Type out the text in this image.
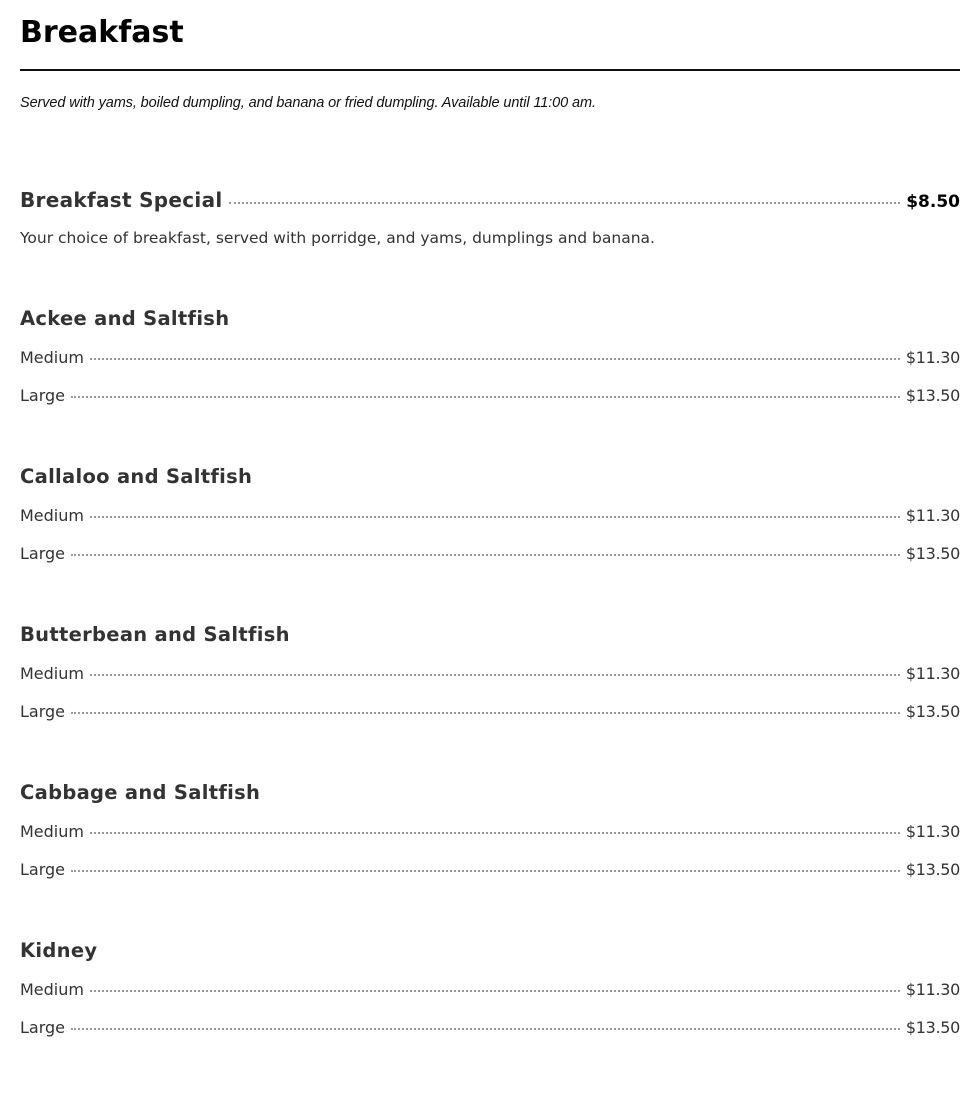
Breakfast
Served with yams, boiled dumpling, and banana or fried dumpling. Available until 11:00 am.
Breakfast Special	$8.50
Your choice of breakfast, served with porridge, and yams, dumplings and banana.
Ackee and Saltfish
Medium	$11.30
Large	$13.50
Callaloo and Saltfish
Medium	$11.30
Large	$13.50
Butterbean and Saltfish
Medium	$11.30
Large	$13.50
Cabbage and Saltfish
Medium	$11.30
Large	$13.50
Kidney
Medium	$11.30
Large	$13.50
